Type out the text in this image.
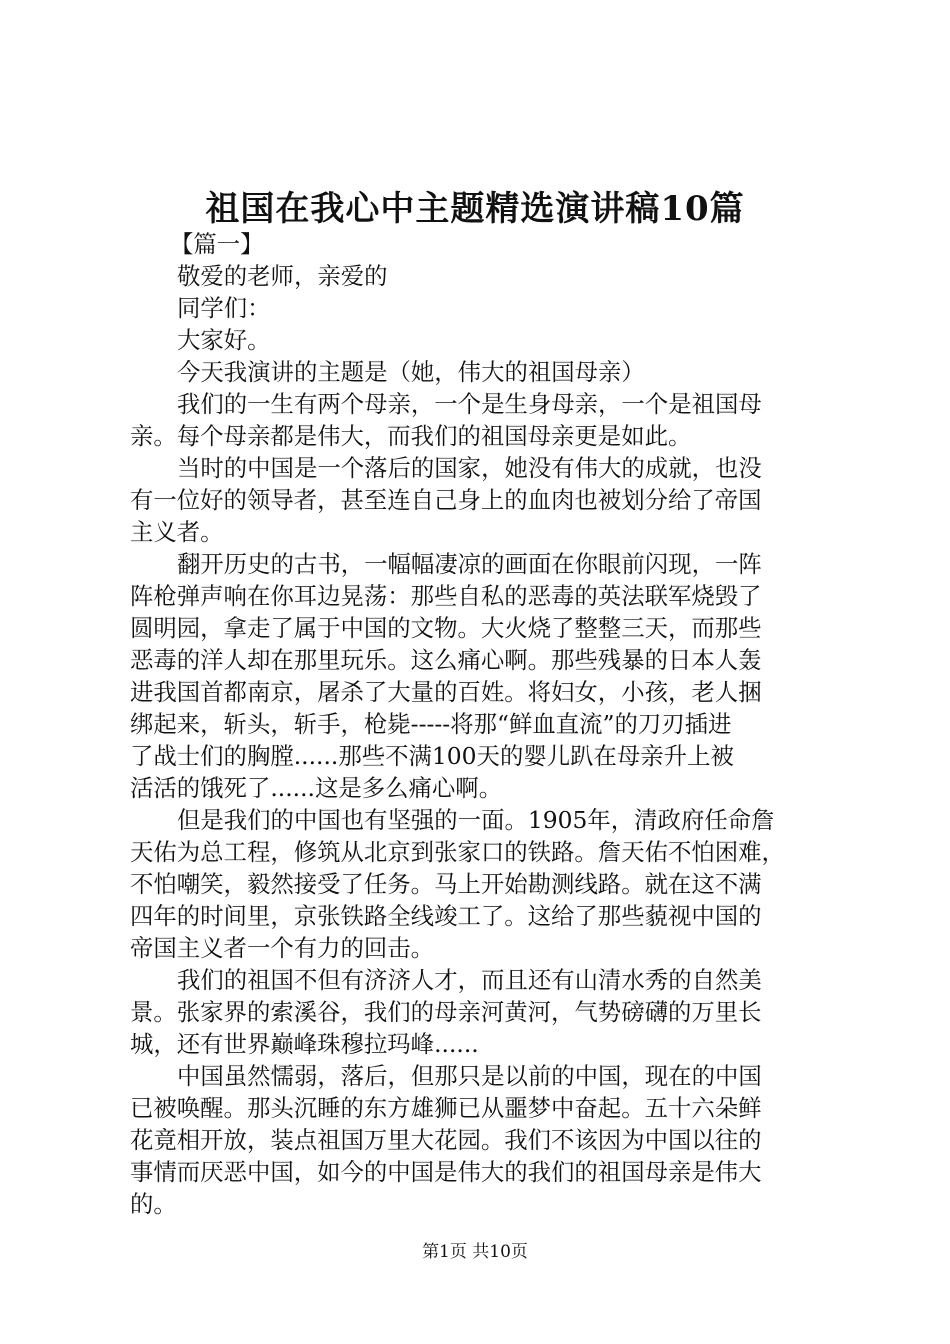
祖国在我心中主题精选演讲稿10篇
【篇一】
敬爱的老师，亲爱的
同学们：
大家好。
今天我演讲的主题是（她，伟大的祖国母亲）
我们的一生有两个母亲，一个是生身母亲，一个是祖国母
亲。每个母亲都是伟大，而我们的祖国母亲更是如此。
当时的中国是一个落后的国家，她没有伟大的成就，也没
有一位好的领导者，甚至连自己身上的血肉也被划分给了帝国
主义者。
翻开历史的古书，一幅幅凄凉的画面在你眼前闪现，一阵
阵枪弹声响在你耳边晃荡：那些自私的恶毒的英法联军烧毁了
圆明园，拿走了属于中国的文物。大火烧了整整三天，而那些
恶毒的洋人却在那里玩乐。这么痛心啊。那些残暴的日本人轰
进我国首都南京，屠杀了大量的百姓。将妇女，小孩，老人捆
绑起来，斩头，斩手，枪毙-----将那“鲜血直流”的刀刃插进
了战士们的胸膛......那些不满100天的婴儿趴在母亲升上被
活活的饿死了......这是多么痛心啊。
但是我们的中国也有坚强的一面。1905年，清政府任命詹
天佑为总工程，修筑从北京到张家口的铁路。詹天佑不怕困难，
不怕嘲笑，毅然接受了任务。马上开始勘测线路。就在这不满
四年的时间里，京张铁路全线竣工了。这给了那些藐视中国的
帝国主义者一个有力的回击。
我们的祖国不但有济济人才，而且还有山清水秀的自然美
景。张家界的索溪谷，我们的母亲河黄河，气势磅礴的万里长
城，还有世界巅峰珠穆拉玛峰......
中国虽然懦弱，落后，但那只是以前的中国，现在的中国
已被唤醒。那头沉睡的东方雄狮已从噩梦中奋起。五十六朵鲜
花竟相开放，装点祖国万里大花园。我们不该因为中国以往的
事情而厌恶中国，如今的中国是伟大的我们的祖国母亲是伟大
的。
第1页 共10页
